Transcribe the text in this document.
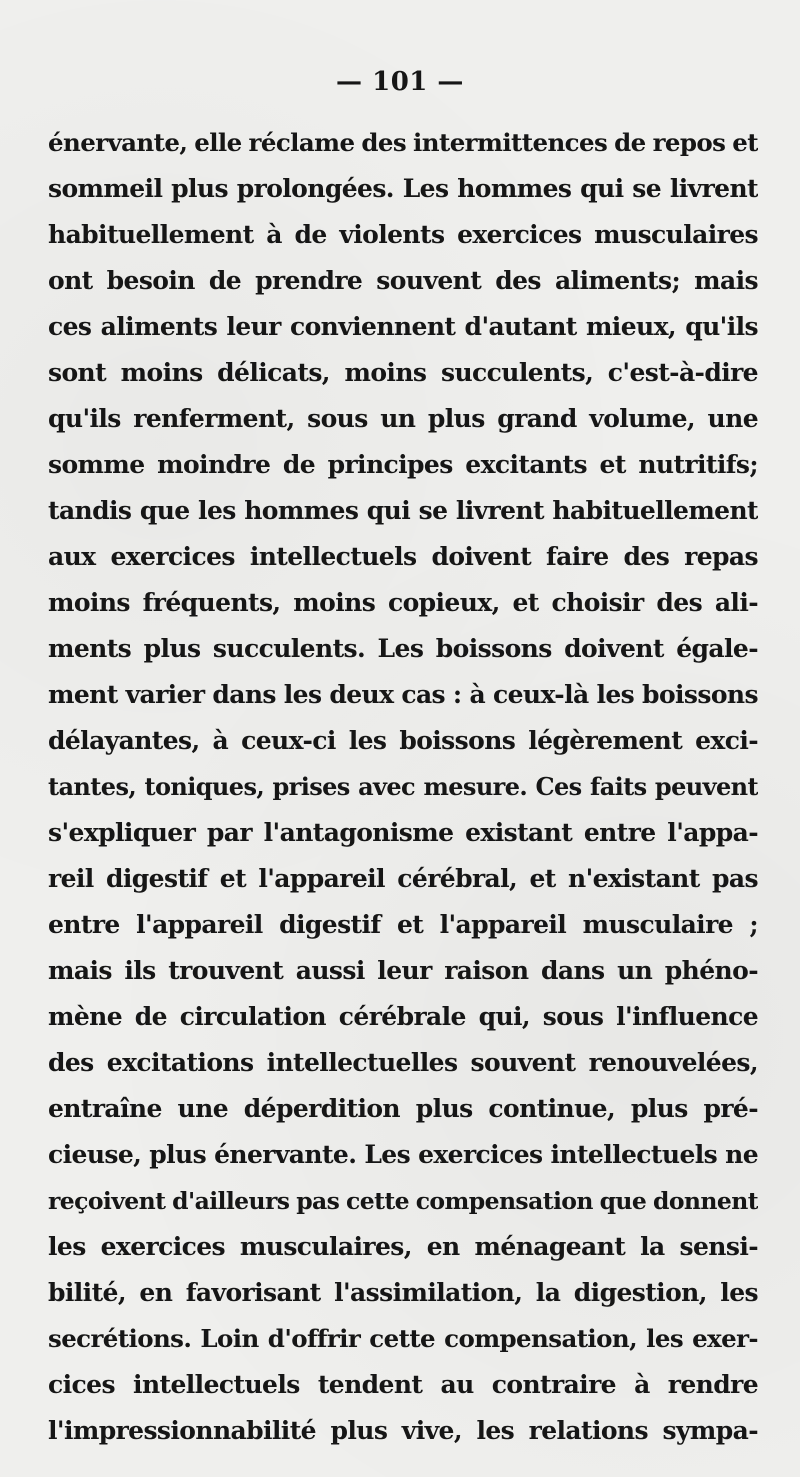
— 101 —
énervante, elle réclame des intermittences de repos et
sommeil plus prolongées. Les hommes qui se livrent
habituellement à de violents exercices musculaires
ont besoin de prendre souvent des aliments; mais
ces aliments leur conviennent d'autant mieux, qu'ils
sont moins délicats, moins succulents, c'est-à-dire
qu'ils renferment, sous un plus grand volume, une
somme moindre de principes excitants et nutritifs;
tandis que les hommes qui se livrent habituellement
aux exercices intellectuels doivent faire des repas
moins fréquents, moins copieux, et choisir des ali-
ments plus succulents. Les boissons doivent égale-
ment varier dans les deux cas : à ceux-là les boissons
délayantes, à ceux-ci les boissons légèrement exci-
tantes, toniques, prises avec mesure. Ces faits peuvent
s'expliquer par l'antagonisme existant entre l'appa-
reil digestif et l'appareil cérébral, et n'existant pas
entre l'appareil digestif et l'appareil musculaire ;
mais ils trouvent aussi leur raison dans un phéno-
mène de circulation cérébrale qui, sous l'influence
des excitations intellectuelles souvent renouvelées,
entraîne une déperdition plus continue, plus pré-
cieuse, plus énervante. Les exercices intellectuels ne
reçoivent d'ailleurs pas cette compensation que donnent
les exercices musculaires, en ménageant la sensi-
bilité, en favorisant l'assimilation, la digestion, les
secrétions. Loin d'offrir cette compensation, les exer-
cices intellectuels tendent au contraire à rendre
l'impressionnabilité plus vive, les relations sympa-
